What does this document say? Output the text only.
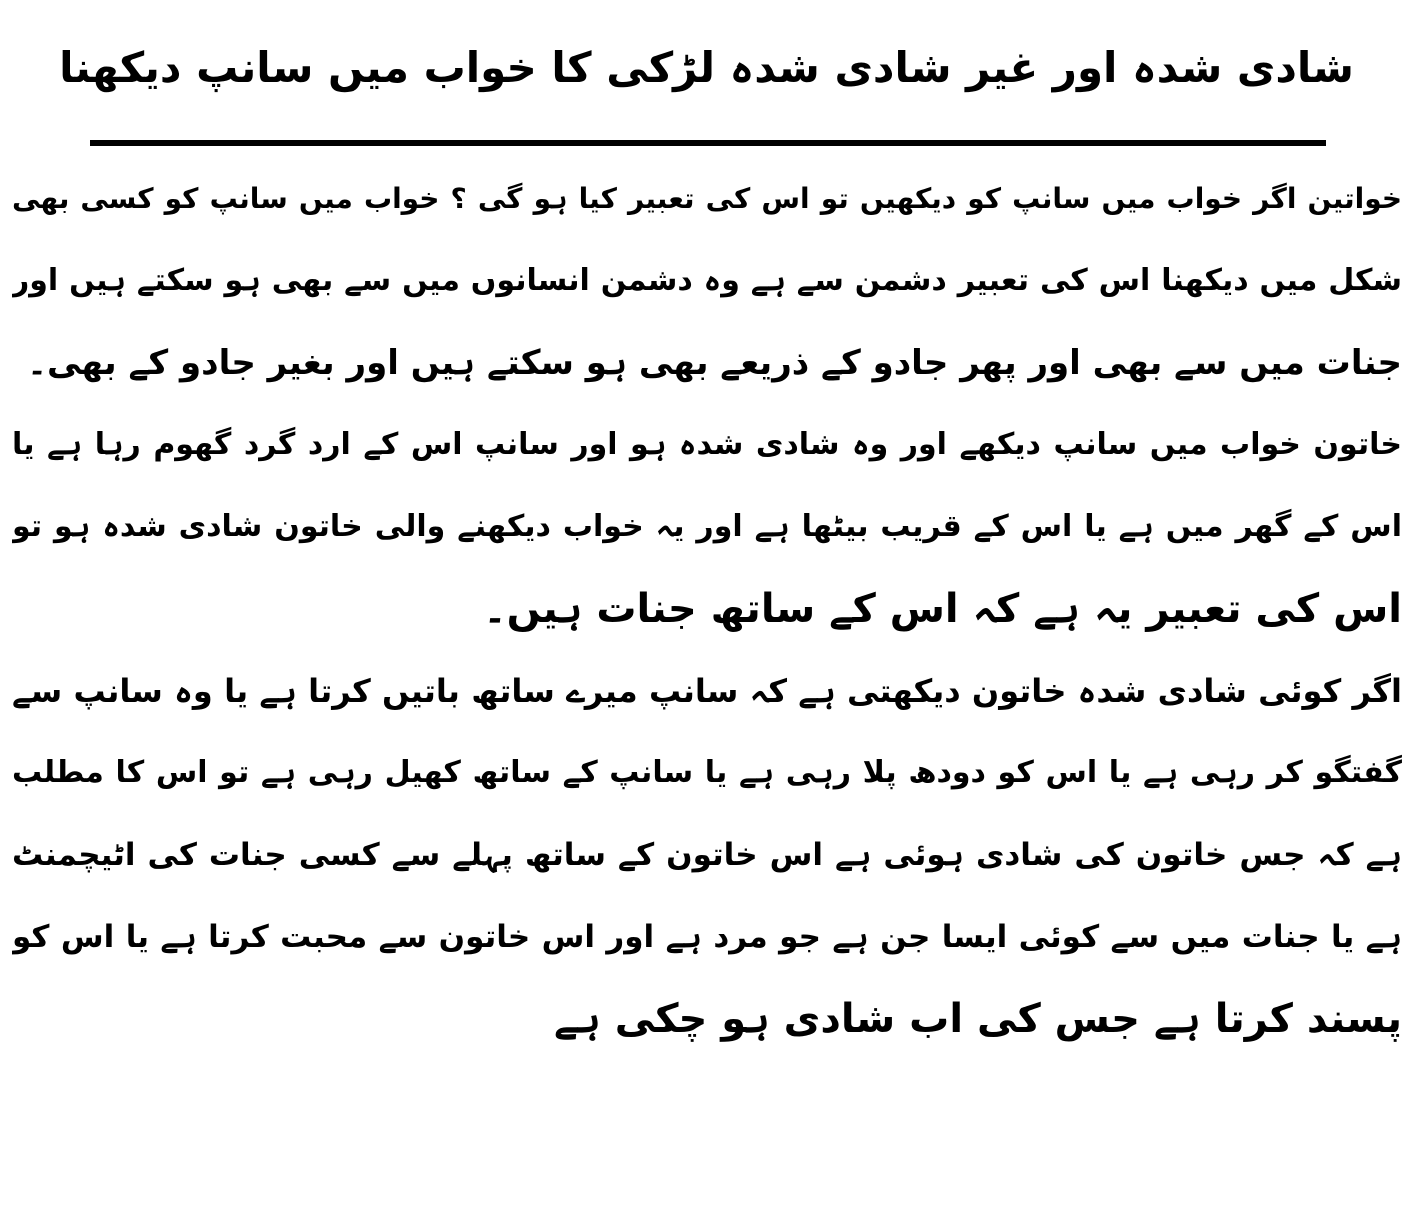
شادی شدہ اور غیر شادی شدہ لڑکی کا خواب میں سانپ دیکھنا
خواتین اگر خواب میں سانپ کو دیکھیں تو اس کی تعبیر کیا ہو گی ؟ خواب میں سانپ کو کسی بھی
شکل میں دیکھنا اس کی تعبیر دشمن سے ہے وہ دشمن انسانوں میں سے بھی ہو سکتے ہیں اور
جنات میں سے بھی اور پھر جادو کے ذریعے بھی ہو سکتے ہیں اور بغیر جادو کے بھی۔
خاتون خواب میں سانپ دیکھے اور وہ شادی شدہ ہو اور سانپ اس کے ارد گرد گھوم رہا ہے یا
اس کے گھر میں ہے یا اس کے قریب بیٹھا ہے اور یہ خواب دیکھنے والی خاتون شادی شدہ ہو تو
اس کی تعبیر یہ ہے کہ اس کے ساتھ جنات ہیں۔
اگر کوئی شادی شدہ خاتون دیکھتی ہے کہ سانپ میرے ساتھ باتیں کرتا ہے یا وہ سانپ سے
گفتگو کر رہی ہے یا اس کو دودھ پلا رہی ہے یا سانپ کے ساتھ کھیل رہی ہے تو اس کا مطلب
ہے کہ جس خاتون کی شادی ہوئی ہے اس خاتون کے ساتھ پہلے سے کسی جنات کی اٹیچمنٹ
ہے یا جنات میں سے کوئی ایسا جن ہے جو مرد ہے اور اس خاتون سے محبت کرتا ہے یا اس کو
پسند کرتا ہے جس کی اب شادی ہو چکی ہے
